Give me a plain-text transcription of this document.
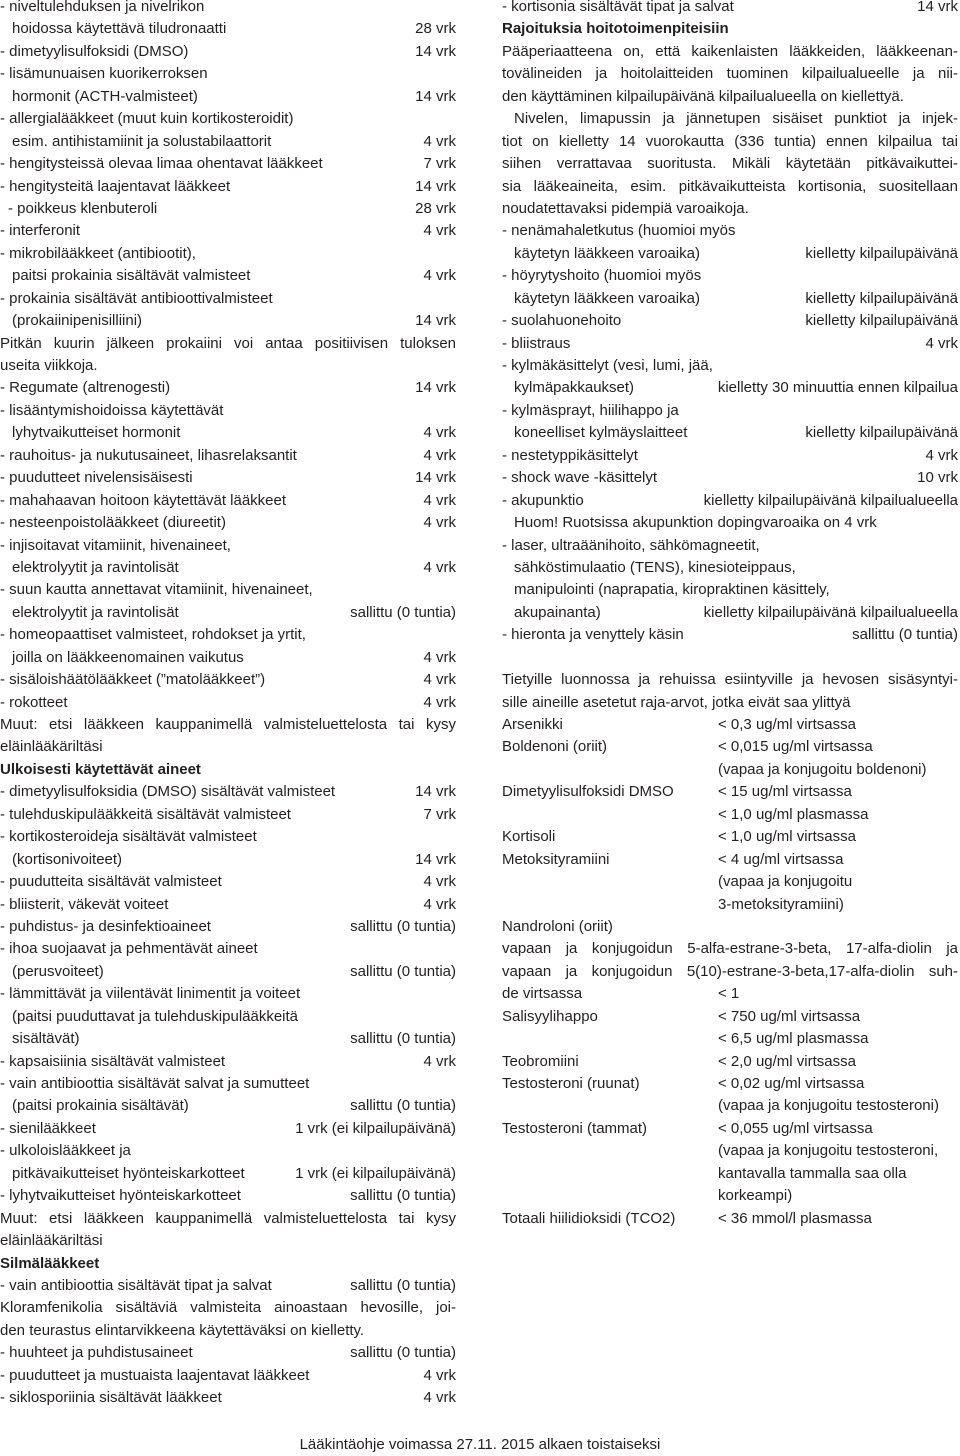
- niveltulehduksen ja nivelrikon
hoidossa käytettävä tiludronaatti	28 vrk
- dimetyylisulfoksidi (DMSO)	14 vrk
- lisämunuaisen kuorikerroksen
hormonit (ACTH-valmisteet)	14 vrk
- allergialääkkeet (muut kuin kortikosteroidit)
esim. antihistamiinit ja solustabilaattorit	4 vrk
- hengitysteissä olevaa limaa ohentavat lääkkeet	7 vrk
- hengitysteitä laajentavat lääkkeet	14 vrk
- poikkeus klenbuteroli	28 vrk
- interferonit	4 vrk
- mikrobilääkkeet (antibiootit),
paitsi prokainia sisältävät valmisteet	4 vrk
- prokainia sisältävät antibioottivalmisteet
(prokaiinipenisilliini)	14 vrk
Pitkän kuurin jälkeen prokaiini voi antaa positiivisen tuloksen
useita viikkoja.
- Regumate (altrenogesti)	14 vrk
- lisääntymishoidoissa käytettävät
lyhytvaikutteiset hormonit	4 vrk
- rauhoitus- ja nukutusaineet, lihasrelaksantit	4 vrk
- puudutteet nivelensisäisesti	14 vrk
- mahahaavan hoitoon käytettävät lääkkeet	4 vrk
- nesteenpoistolääkkeet (diureetit)	4 vrk
- injisoitavat vitamiinit, hivenaineet,
elektrolyytit ja ravintolisät	4 vrk
- suun kautta annettavat vitamiinit, hivenaineet,
elektrolyytit ja ravintolisät	sallittu (0 tuntia)
- homeopaattiset valmisteet, rohdokset ja yrtit,
joilla on lääkkeenomainen vaikutus	4 vrk
- sisäloishäätölääkkeet (”matolääkkeet”)	4 vrk
- rokotteet	4 vrk
Muut: etsi lääkkeen kauppanimellä valmisteluettelosta tai kysy
eläinlääkäriltäsi
Ulkoisesti käytettävät aineet
- dimetyylisulfoksidia (DMSO) sisältävät valmisteet	14 vrk
- tulehduskipulääkkeitä sisältävät valmisteet	7 vrk
- kortikosteroideja sisältävät valmisteet
(kortisonivoiteet)	14 vrk
- puudutteita sisältävät valmisteet	4 vrk
- bliisterit, väkevät voiteet	4 vrk
- puhdistus- ja desinfektioaineet	sallittu (0 tuntia)
- ihoa suojaavat ja pehmentävät aineet
(perusvoiteet)	sallittu (0 tuntia)
- lämmittävät ja viilentävät linimentit ja voiteet
(paitsi puuduttavat ja tulehduskipulääkkeitä
sisältävät)	sallittu (0 tuntia)
- kapsaisiinia sisältävät valmisteet	4 vrk
- vain antibioottia sisältävät salvat ja sumutteet
(paitsi prokainia sisältävät)	sallittu (0 tuntia)
- sienilääkkeet	1 vrk (ei kilpailupäivänä)
- ulkoloislääkkeet ja
pitkävaikutteiset hyönteiskarkotteet	1 vrk (ei kilpailupäivänä)
- lyhytvaikutteiset hyönteiskarkotteet	sallittu (0 tuntia)
Muut: etsi lääkkeen kauppanimellä valmisteluettelosta tai kysy
eläinlääkäriltäsi
Silmälääkkeet
- vain antibioottia sisältävät tipat ja salvat	sallittu (0 tuntia)
Kloramfenikolia sisältäviä valmisteita ainoastaan hevosille, joi-
den teurastus elintarvikkeena käytettäväksi on kielletty.
- huuhteet ja puhdistusaineet	sallittu (0 tuntia)
- puudutteet ja mustuaista laajentavat lääkkeet	4 vrk
- siklosporiinia sisältävät lääkkeet	4 vrk
- kortisonia sisältävät tipat ja salvat	14 vrk
Rajoituksia hoitotoimenpiteisiin
Pääperiaatteena on, että kaikenlaisten lääkkeiden, lääkkeenan-
tovälineiden ja hoitolaitteiden tuominen kilpailualueelle ja nii-
den käyttäminen kilpailupäivänä kilpailualueella on kiellettyä.
Nivelen, limapussin ja jännetupen sisäiset punktiot ja injek-
tiot on kielletty 14 vuorokautta (336 tuntia) ennen kilpailua tai
siihen verrattavaa suoritusta. Mikäli käytetään pitkävaikuttei-
sia lääkeaineita, esim. pitkävaikutteista kortisonia, suositellaan
noudatettavaksi pidempiä varoaikoja.
- nenämahaletkutus (huomioi myös
käytetyn lääkkeen varoaika)	kielletty kilpailupäivänä
- höyrytyshoito (huomioi myös
käytetyn lääkkeen varoaika)	kielletty kilpailupäivänä
- suolahuonehoito	kielletty kilpailupäivänä
- bliistraus	4 vrk
- kylmäkäsittelyt (vesi, lumi, jää,
kylmäpakkaukset)	kielletty 30 minuuttia ennen kilpailua
- kylmäsprayt, hiilihappo ja
koneelliset kylmäyslaitteet	kielletty kilpailupäivänä
- nestetyppikäsittelyt	4 vrk
- shock wave -käsittelyt	10 vrk
- akupunktio	kielletty kilpailupäivänä kilpailualueella
Huom! Ruotsissa akupunktion dopingvaroaika on 4 vrk
- laser, ultraäänihoito, sähkömagneetit,
sähköstimulaatio (TENS), kinesioteippaus,
manipulointi (naprapatia, kiropraktinen käsittely,
akupainanta)	kielletty kilpailupäivänä kilpailualueella
- hieronta ja venyttely käsin	sallittu (0 tuntia)
Tietyille luonnossa ja rehuissa esiintyville ja hevosen sisäsyntyi-
sille aineille asetetut raja-arvot, jotka eivät saa ylittyä
Arsenikki	< 0,3 ug/ml virtsassa
Boldenoni (oriit)	< 0,015 ug/ml virtsassa
(vapaa ja konjugoitu boldenoni)
Dimetyylisulfoksidi DMSO	< 15 ug/ml virtsassa
< 1,0 ug/ml plasmassa
Kortisoli	< 1,0 ug/ml virtsassa
Metoksityramiini	< 4 ug/ml virtsassa
(vapaa ja konjugoitu
3-metoksityramiini)
Nandroloni (oriit)
vapaan ja konjugoidun 5-alfa-estrane-3-beta, 17-alfa-diolin ja
vapaan ja konjugoidun 5(10)-estrane-3-beta,17-alfa-diolin suh-
de virtsassa	< 1
Salisyylihappo	< 750 ug/ml virtsassa
< 6,5 ug/ml plasmassa
Teobromiini	< 2,0 ug/ml virtsassa
Testosteroni (ruunat)	< 0,02 ug/ml virtsassa
(vapaa ja konjugoitu testosteroni)
Testosteroni (tammat)	< 0,055 ug/ml virtsassa
(vapaa ja konjugoitu testosteroni,
kantavalla tammalla saa olla
korkeampi)
Totaali hiilidioksidi (TCO2)	< 36 mmol/l plasmassa
Lääkintäohje voimassa 27.11. 2015 alkaen toistaiseksi
